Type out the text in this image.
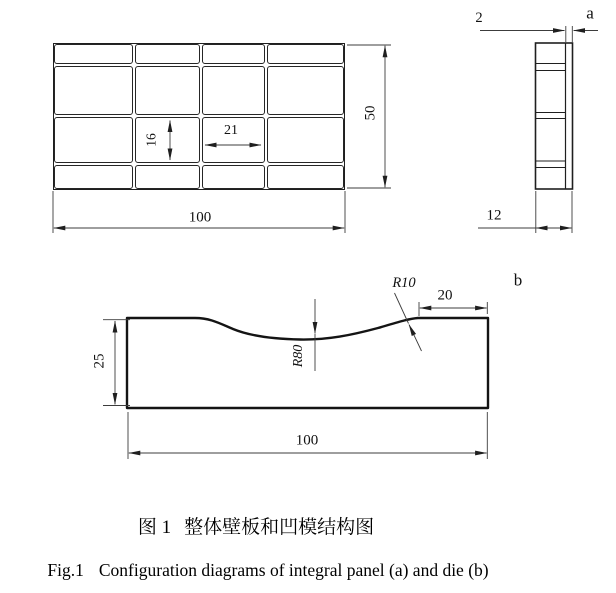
16
21
100
50
2	a
12
25
100
20
R80
R10	b
图 1 整体壁板和凹模结构图
Fig.1 Configuration diagrams of integral panel (a) and die (b)
